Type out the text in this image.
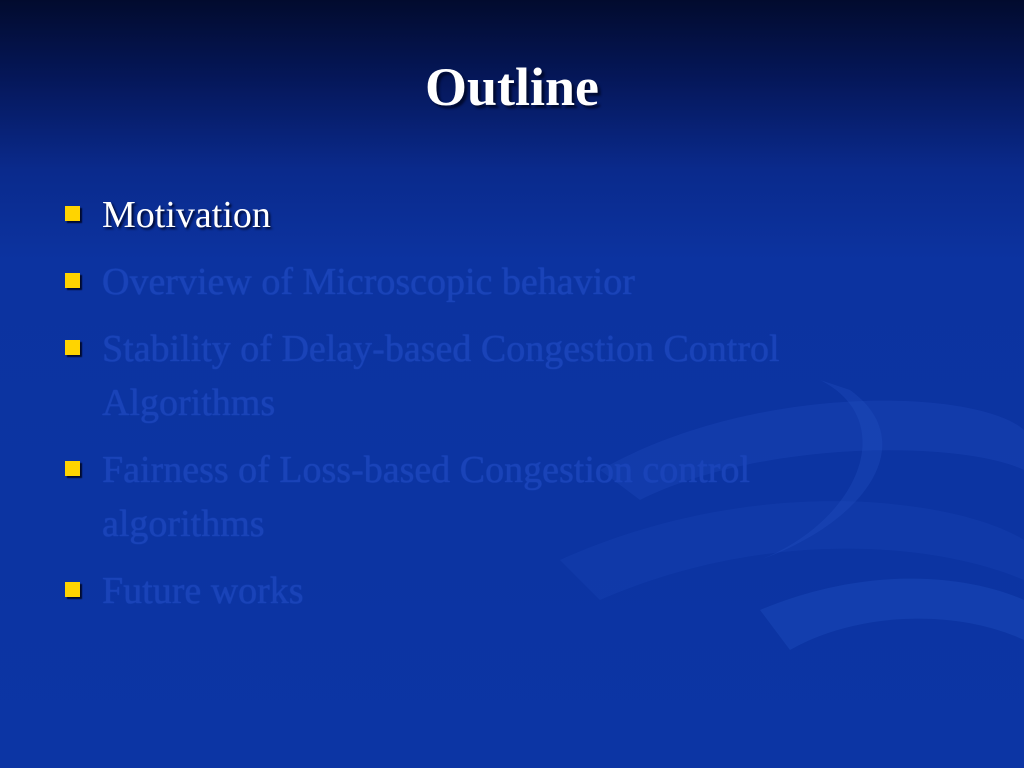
Outline
Motivation
Overview of Microscopic behavior
Stability of Delay-based Congestion Control Algorithms
Fairness of Loss-based Congestion control algorithms
Future works
